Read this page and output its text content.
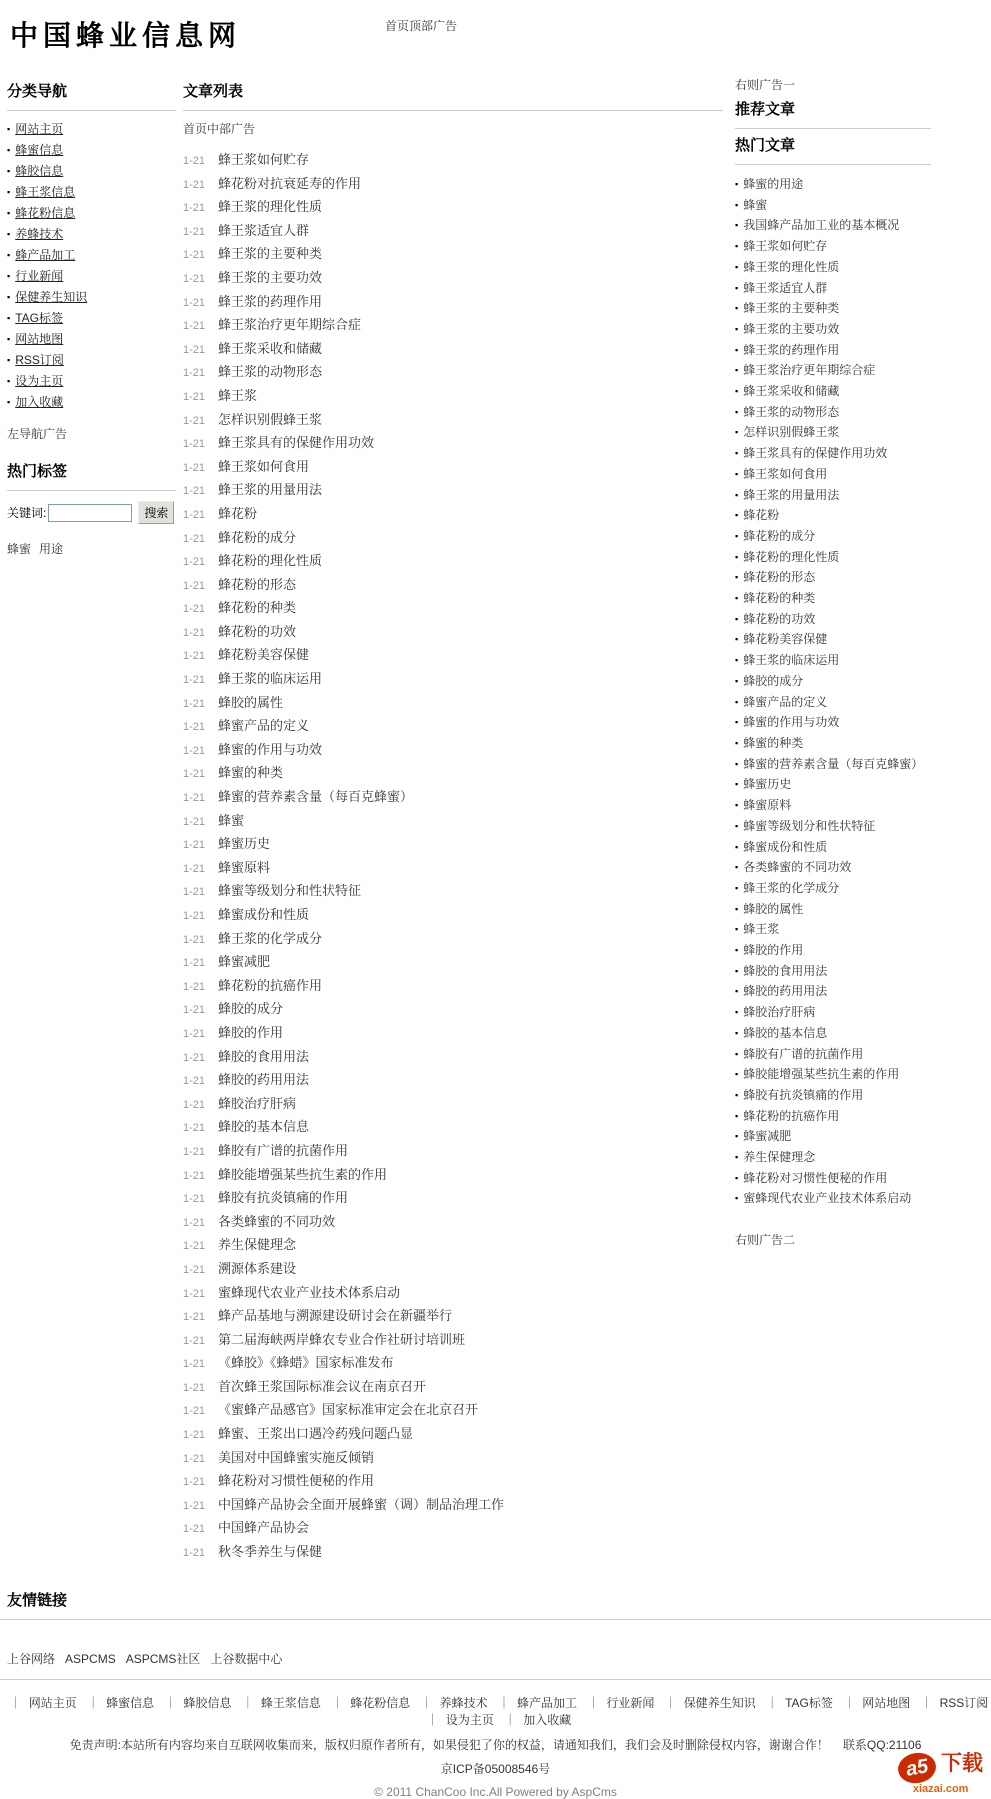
中国蜂业信息网	首页顶部广告
分类导航
▪ 网站主页
▪ 蜂蜜信息
▪ 蜂胶信息
▪ 蜂王浆信息
▪ 蜂花粉信息
▪ 养蜂技术
▪ 蜂产品加工
▪ 行业新闻
▪ 保健养生知识
▪ TAG标签
▪ 网站地图
▪ RSS订阅
▪ 设为主页
▪ 加入收藏
左导航广告
热门标签
关键词:	搜索
蜂蜜 用途
文章列表
首页中部广告
1-21 蜂王浆如何贮存
1-21 蜂花粉对抗衰延寿的作用
1-21 蜂王浆的理化性质
1-21 蜂王浆适宜人群
1-21 蜂王浆的主要种类
1-21 蜂王浆的主要功效
1-21 蜂王浆的药理作用
1-21 蜂王浆治疗更年期综合症
1-21 蜂王浆采收和储藏
1-21 蜂王浆的动物形态
1-21 蜂王浆
1-21 怎样识别假蜂王浆
1-21 蜂王浆具有的保健作用功效
1-21 蜂王浆如何食用
1-21 蜂王浆的用量用法
1-21 蜂花粉
1-21 蜂花粉的成分
1-21 蜂花粉的理化性质
1-21 蜂花粉的形态
1-21 蜂花粉的种类
1-21 蜂花粉的功效
1-21 蜂花粉美容保健
1-21 蜂王浆的临床运用
1-21 蜂胶的属性
1-21 蜂蜜产品的定义
1-21 蜂蜜的作用与功效
1-21 蜂蜜的种类
1-21 蜂蜜的营养素含量（每百克蜂蜜）
1-21 蜂蜜
1-21 蜂蜜历史
1-21 蜂蜜原料
1-21 蜂蜜等级划分和性状特征
1-21 蜂蜜成份和性质
1-21 蜂王浆的化学成分
1-21 蜂蜜减肥
1-21 蜂花粉的抗癌作用
1-21 蜂胶的成分
1-21 蜂胶的作用
1-21 蜂胶的食用用法
1-21 蜂胶的药用用法
1-21 蜂胶治疗肝病
1-21 蜂胶的基本信息
1-21 蜂胶有广谱的抗菌作用
1-21 蜂胶能增强某些抗生素的作用
1-21 蜂胶有抗炎镇痛的作用
1-21 各类蜂蜜的不同功效
1-21 养生保健理念
1-21 溯源体系建设
1-21 蜜蜂现代农业产业技术体系启动
1-21 蜂产品基地与溯源建设研讨会在新疆举行
1-21 第二届海峡两岸蜂农专业合作社研讨培训班
1-21 《蜂胶》《蜂蜡》国家标准发布
1-21 首次蜂王浆国际标准会议在南京召开
1-21 《蜜蜂产品感官》国家标准审定会在北京召开
1-21 蜂蜜、王浆出口遇冷药残问题凸显
1-21 美国对中国蜂蜜实施反倾销
1-21 蜂花粉对习惯性便秘的作用
1-21 中国蜂产品协会全面开展蜂蜜（调）制品治理工作
1-21 中国蜂产品协会
1-21 秋冬季养生与保健
右则广告一
推荐文章
热门文章
▪ 蜂蜜的用途
▪ 蜂蜜
▪ 我国蜂产品加工业的基本概况
▪ 蜂王浆如何贮存
▪ 蜂王浆的理化性质
▪ 蜂王浆适宜人群
▪ 蜂王浆的主要种类
▪ 蜂王浆的主要功效
▪ 蜂王浆的药理作用
▪ 蜂王浆治疗更年期综合症
▪ 蜂王浆采收和储藏
▪ 蜂王浆的动物形态
▪ 怎样识别假蜂王浆
▪ 蜂王浆具有的保健作用功效
▪ 蜂王浆如何食用
▪ 蜂王浆的用量用法
▪ 蜂花粉
▪ 蜂花粉的成分
▪ 蜂花粉的理化性质
▪ 蜂花粉的形态
▪ 蜂花粉的种类
▪ 蜂花粉的功效
▪ 蜂花粉美容保健
▪ 蜂王浆的临床运用
▪ 蜂胶的成分
▪ 蜂蜜产品的定义
▪ 蜂蜜的作用与功效
▪ 蜂蜜的种类
▪ 蜂蜜的营养素含量（每百克蜂蜜）
▪ 蜂蜜历史
▪ 蜂蜜原料
▪ 蜂蜜等级划分和性状特征
▪ 蜂蜜成份和性质
▪ 各类蜂蜜的不同功效
▪ 蜂王浆的化学成分
▪ 蜂胶的属性
▪ 蜂王浆
▪ 蜂胶的作用
▪ 蜂胶的食用用法
▪ 蜂胶的药用用法
▪ 蜂胶治疗肝病
▪ 蜂胶的基本信息
▪ 蜂胶有广谱的抗菌作用
▪ 蜂胶能增强某些抗生素的作用
▪ 蜂胶有抗炎镇痛的作用
▪ 蜂花粉的抗癌作用
▪ 蜂蜜减肥
▪ 养生保健理念
▪ 蜂花粉对习惯性便秘的作用
▪ 蜜蜂现代农业产业技术体系启动
右则广告二
友情链接
上谷网络 ASPCMS ASPCMS社区 上谷数据中心
｜ 网站主页 ｜ 蜂蜜信息 ｜ 蜂胶信息 ｜ 蜂王浆信息 ｜ 蜂花粉信息 ｜ 养蜂技术 ｜ 蜂产品加工 ｜ 行业新闻 ｜ 保健养生知识 ｜ TAG标签 ｜ 网站地图 ｜ RSS订阅 ｜ 设为主页 ｜ 加入收藏
免责声明:本站所有内容均来自互联网收集而来，版权归原作者所有，如果侵犯了你的权益，请通知我们，我们会及时删除侵权内容，谢谢合作！ 联系QQ:21106
京ICP备05008546号
© 2011 ChanCoo Inc.All Powered by AspCms
a5 下载
xiazai.com
